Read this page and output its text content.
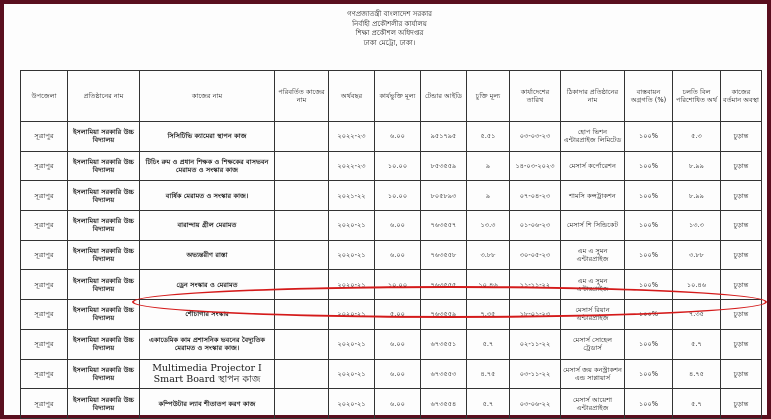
গণপ্রজাতন্ত্রী বাংলাদেশ সরকার
নির্বাহী প্রকৌশলীর কার্যালয়
শিক্ষা প্রকৌশল অধিদপ্তর
ঢাকা মেট্রো, ঢাকা।
উপজেলা	প্রতিষ্ঠানের নাম	কাজের নাম	পরিবর্তিত কাজের নাম	অর্থবছর	কার্যভুক্তি মূল্য	টেন্ডার আইডি	চুক্তি মূল্য	কার্যাদেশের তারিখ	ঠিকাদার প্রতিষ্ঠানের নাম	বাস্তবায়ন অগ্রগতি (%)	চলতি বিল পরিশোধিত অর্থ	কাজের বর্তমান অবস্থা
সূত্রাপুর	ইসলামিয়া সরকারি উচ্চ বিদ্যালয়	সিসিটিভি ক্যামেরা স্থাপন কাজ		২০২২-২৩	৬.০০	৯৫১৭৯৫	৫.৫১	০৩-০৩-২৩	হোপ ভিশন এন্টারপ্রাইজ লিমিটেড	১০০%	৫.৩	চুড়ান্ত
সূত্রাপুর	ইসলামিয়া সরকারি উচ্চ বিদ্যালয়	টিচিং রুম ও প্রধান শিক্ষক ও শিক্ষকের বাসভবন মেরামত ও সংস্কার কাজ		২০২২-২৩	১০.০০	৮৫৩৫৫৯	৯	১৪-০৩-২০২৩	মেসার্স কর্পোরেশন	১০০%	৮.৯৯	চুড়ান্ত
সূত্রাপুর	ইসলামিয়া সরকারি উচ্চ বিদ্যালয়	বার্ষিক মেরামত ও সংস্কার কাজ।		২০২১-২২	১০.০০	৮০৫৮৯৩	৯	০৭-০৪-২৩	শামসি কন্সট্রাকশন	১০০%	৮.৯৯	চুড়ান্ত
সূত্রাপুর	ইসলামিয়া সরকারি উচ্চ বিদ্যালয়	বারান্দায় গ্রীল মেরামত		২০২০-২১	৬.০০	৭৬৩৫৫৭	১৩.৩	০১-০৬-২৩	মেসার্স শি সিন্ডিকেট	১০০%	১৩.৩	চুড়ান্ত
সূত্রাপুর	ইসলামিয়া সরকারি উচ্চ বিদ্যালয়	অভ্যন্তরীণ রাস্তা		২০২০-২১	৬.০০	৭৬৩৫৫৮	৩.৮৮	৩০-০৫-২৩	এম এ সুমন এন্টারপ্রাইজ	১০০%	৩.৮৮	চুড়ান্ত
সূত্রাপুর	ইসলামিয়া সরকারি উচ্চ বিদ্যালয়	ড্রেন সংস্কার ও মেরামত		২০২০-২১	১০.০০	৭৬৩৫৫৫	১০.৪৬	১১-১১-২২	এম এ সুমন এন্টারপ্রাইজ	১০০%	১০.৪৬	চুড়ান্ত
সূত্রাপুর	ইসলামিয়া সরকারি উচ্চ বিদ্যালয়	শৌচাগার সংস্কার		২০২০-২১	৫.০০	৭৬৩৫৫৯	৭.৩৫	১৮-০১-২৩	মেসার্স রিয়ান এন্টারপ্রাইজ	১০০%	৭.৩৫	চুড়ান্ত
সূত্রাপুর	ইসলামিয়া সরকারি উচ্চ বিদ্যালয়	একাডেমিক কাম প্রশাসনিক ভবনের বৈদ্যুতিক মেরামত ও সংস্কার কাজ।		২০২০-২১	৬.০০	৬৭৩৫৫১	৫.৭	০২-১১-২২	মেসার্স সোহেল ট্রেডার্স	১০০%	৫.৭	চুড়ান্ত
সূত্রাপুর	ইসলামিয়া সরকারি উচ্চ বিদ্যালয়	Multimedia Projector I Smart Board স্থাপন কাজ		২০২০-২১	৬.০০	৬৭৩৫৫৩	৪.৭৫	০৩-১১-২২	মেসার্স জয় কনস্ট্রাকশন এন্ড সাপ্লায়ার্স	১০০%	৪.৭৫	চুড়ান্ত
সূত্রাপুর	ইসলামিয়া সরকারি উচ্চ বিদ্যালয়	কম্পিউটার ল্যাব শীতাতপ করণ কাজ		২০২০-২১	৬.০০	৬৭৩৫৫৪	৫.৭	০৩-০৬-২২	মেসার্স আয়েশা এন্টারপ্রাইজ	১০০%	৫.৭	চুড়ান্ত
